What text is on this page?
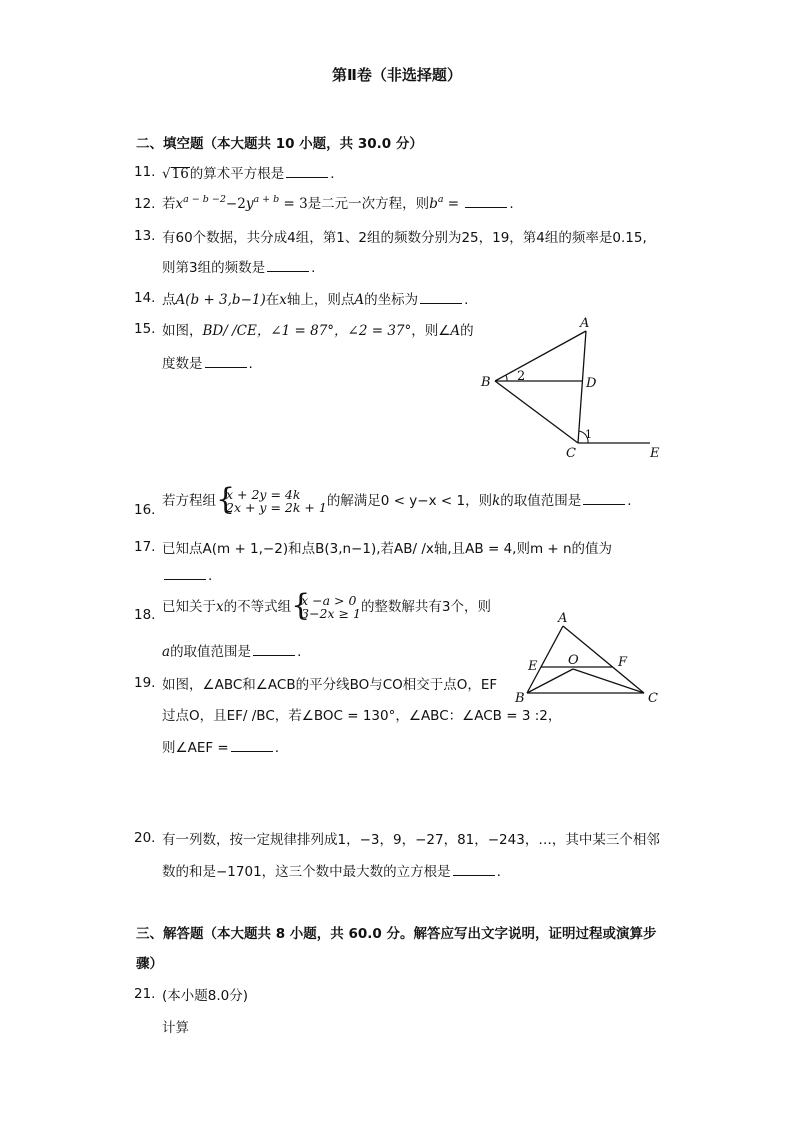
第Ⅱ卷（非选择题）
二、填空题（本大题共 10 小题，共 30.0 分）
11. √16的算术平方根是	.
12. 若$x^{a - b -2}-2y^{a + b} = 3$是二元一次方程，则$b^a$ =	.
13. 有60个数据，共分成4组，第1、2组的频数分别为25，19，第4组的频率是0.15,
则第3组的频数是	.
14. 点A(b + 3,b−1)在x轴上，则点A的坐标为	.
15. 如图，BD/ /CE，∠1 = 87°，∠2 = 37°，则∠A的
度数是	.
A
B
C
D
E
2
1
16.
若方程组 {
x + 2y = 4k
2x + y = 2k + 1 的解满足0 < y−x < 1，则k的取值范围是	.
17. 已知点A(m + 1,−2)和点B(3,n−1),若AB/ /x轴,且AB = 4,则m + n的值为
.
18. 已知关于x的不等式组 {
x −a > 0
3−2x ≥ 1 的整数解共有3个，则
a的取值范围是	.
A
B	C
E	F
O
19. 如图，∠ABC和∠ACB的平分线BO与CO相交于点O，EF
过点O，且EF/ /BC，若∠BOC = 130°，∠ABC：∠ACB = 3 :2，
则∠AEF =	.
20. 有一列数，按一定规律排列成1，−3，9，−27，81，−243，…，其中某三个相邻
数的和是−1701，这三个数中最大数的立方根是	.
三、解答题（本大题共 8 小题，共 60.0 分。解答应写出文字说明，证明过程或演算步
骤）
21. (本小题8.0分)
计算
